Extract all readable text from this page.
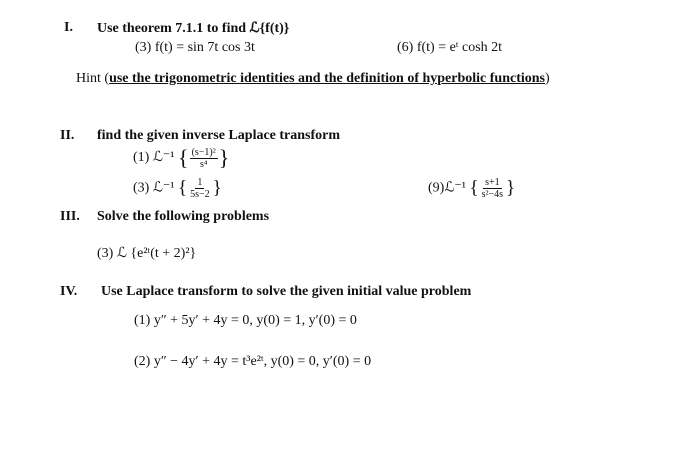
I. Use theorem 7.1.1 to find ℒ{f(t)}
(3) f(t) = sin 7t cos 3t	(6) f(t) = eᵗ cosh 2t
Hint (use the trigonometric identities and the definition of hyperbolic functions)
II. find the given inverse Laplace transform
(1) ℒ⁻¹ { $\frac{\text{(s−1)²}}{\text{s⁴}}$ }
(3) ℒ⁻¹ { $\frac{1}{5s-2}$ }	(9)ℒ⁻¹ { $\frac{s+1}{\text{s²−4s}}$ }
III. Solve the following problems
(3) ℒ {e²ᵗ(t + 2)²}
IV. Use Laplace transform to solve the given initial value problem
(1) y″ + 5y′ + 4y = 0, y(0) = 1, y′(0) = 0
(2) y″ − 4y′ + 4y = t³e²ᵗ, y(0) = 0, y′(0) = 0
